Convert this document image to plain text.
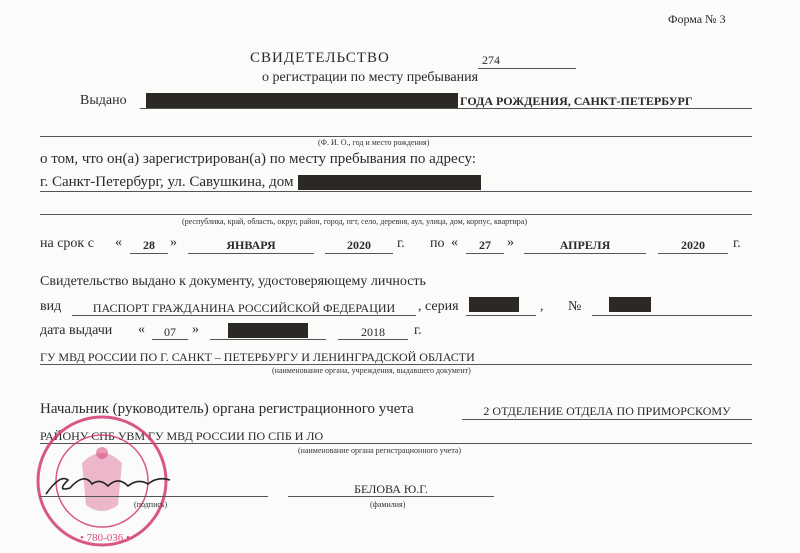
Форма № 3
СВИДЕТЕЛЬСТВО	274
о регистрации по месту пребывания
Выдано	ГОДА РОЖДЕНИЯ, САНКТ-ПЕТЕРБУРГ
(Ф. И. О., год и место рождения)
о том, что он(а) зарегистрирован(а) по месту пребывания по адресу:
г. Санкт-Петербург, ул. Савушкина, дом
(республика, край, область, округ, район, город, пгт, село, деревня, аул, улица, дом, корпус, квартира)
на срок с «	28	»	ЯНВАРЯ	2020	г. по «	27	»	АПРЕЛЯ	2020	г.
Свидетельство выдано к документу, удостоверяющему личность
вид	ПАСПОРТ ГРАЖДАНИНА РОССИЙСКОЙ ФЕДЕРАЦИИ	, серия	, №
дата выдачи «	07	»	2018	г.
ГУ МВД РОССИИ ПО Г. САНКТ – ПЕТЕРБУРГУ И ЛЕНИНГРАДСКОЙ ОБЛАСТИ
(наименование органа, учреждения, выдавшего документ)
Начальник (руководитель) органа регистрационного учета	2 ОТДЕЛЕНИЕ ОТДЕЛА ПО ПРИМОРСКОМУ
РАЙОНУ СПБ УВМ ГУ МВД РОССИИ ПО СПБ И ЛО
(наименование органа регистрационного учета)
• 780-036 •
(подпись)
БЕЛОВА Ю.Г.
(фамилия)
